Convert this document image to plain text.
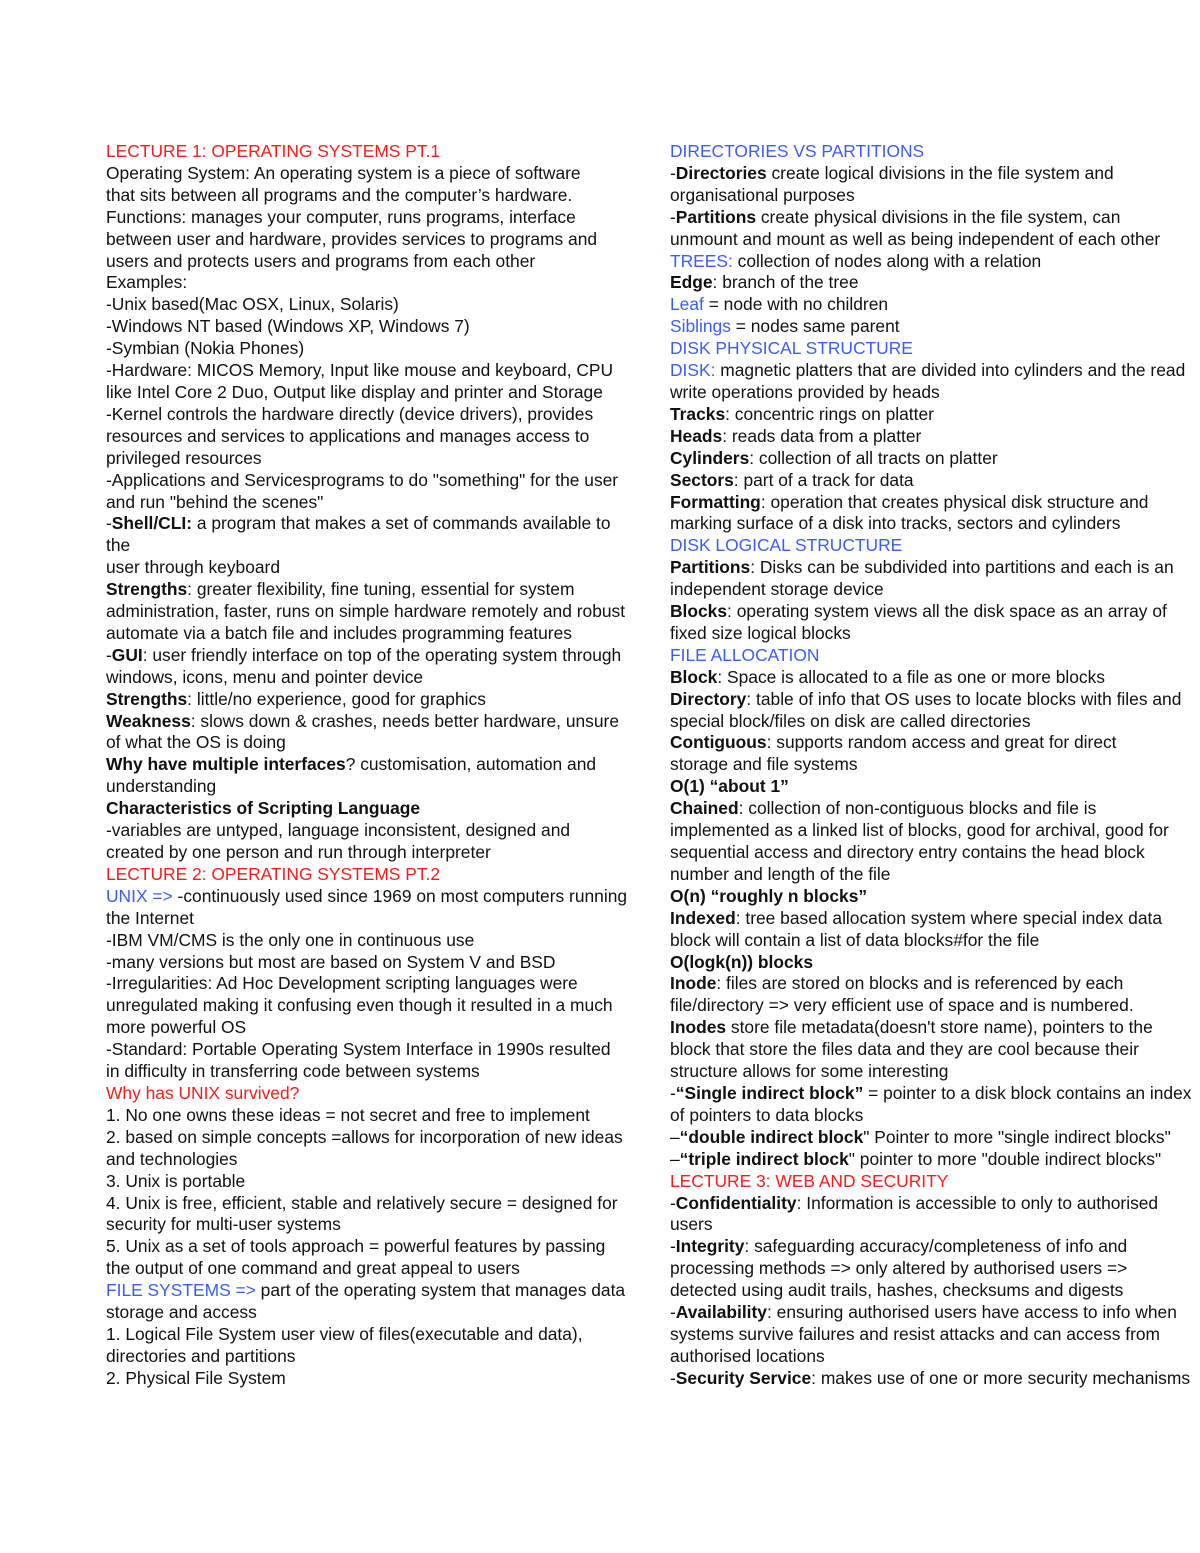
LECTURE 1: OPERATING SYSTEMS PT.1
Operating System: An operating system is a piece of software
that sits between all programs and the computer’s hardware.
Functions: manages your computer, runs programs, interface
between user and hardware, provides services to programs and
users and protects users and programs from each other
Examples:
-Unix based(Mac OSX, Linux, Solaris)
-Windows NT based (Windows XP, Windows 7)
-Symbian (Nokia Phones)
-Hardware: MICOS Memory, Input like mouse and keyboard, CPU
like Intel Core 2 Duo, Output like display and printer and Storage
-Kernel controls the hardware directly (device drivers), provides
resources and services to applications and manages access to
privileged resources
-Applications and Servicesprograms to do "something" for the user
and run "behind the scenes"
-Shell/CLI: a program that makes a set of commands available to
the
user through keyboard
Strengths: greater flexibility, fine tuning, essential for system
administration, faster, runs on simple hardware remotely and robust
automate via a batch file and includes programming features
-GUI: user friendly interface on top of the operating system through
windows, icons, menu and pointer device
Strengths: little/no experience, good for graphics
Weakness: slows down & crashes, needs better hardware, unsure
of what the OS is doing
Why have multiple interfaces? customisation, automation and
understanding
Characteristics of Scripting Language
-variables are untyped, language inconsistent, designed and
created by one person and run through interpreter
LECTURE 2: OPERATING SYSTEMS PT.2
UNIX => -continuously used since 1969 on most computers running
the Internet
-IBM VM/CMS is the only one in continuous use
-many versions but most are based on System V and BSD
-Irregularities: Ad Hoc Development scripting languages were
unregulated making it confusing even though it resulted in a much
more powerful OS
-Standard: Portable Operating System Interface in 1990s resulted
in difficulty in transferring code between systems
Why has UNIX survived?
1. No one owns these ideas = not secret and free to implement
2. based on simple concepts =allows for incorporation of new ideas
and technologies
3. Unix is portable
4. Unix is free, efficient, stable and relatively secure = designed for
security for multi-user systems
5. Unix as a set of tools approach = powerful features by passing
the output of one command and great appeal to users
FILE SYSTEMS => part of the operating system that manages data
storage and access
1. Logical File System user view of files(executable and data),
directories and partitions
2. Physical File System
DIRECTORIES VS PARTITIONS
-Directories create logical divisions in the file system and
organisational purposes
-Partitions create physical divisions in the file system, can
unmount and mount as well as being independent of each other
TREES: collection of nodes along with a relation
Edge: branch of the tree
Leaf = node with no children
Siblings = nodes same parent
DISK PHYSICAL STRUCTURE
DISK: magnetic platters that are divided into cylinders and the read
write operations provided by heads
Tracks: concentric rings on platter
Heads: reads data from a platter
Cylinders: collection of all tracts on platter
Sectors: part of a track for data
Formatting: operation that creates physical disk structure and
marking surface of a disk into tracks, sectors and cylinders
DISK LOGICAL STRUCTURE
Partitions: Disks can be subdivided into partitions and each is an
independent storage device
Blocks: operating system views all the disk space as an array of
fixed size logical blocks
FILE ALLOCATION
Block: Space is allocated to a file as one or more blocks
Directory: table of info that OS uses to locate blocks with files and
special block/files on disk are called directories
Contiguous: supports random access and great for direct
storage and file systems
O(1) “about 1”
Chained: collection of non-contiguous blocks and file is
implemented as a linked list of blocks, good for archival, good for
sequential access and directory entry contains the head block
number and length of the file
O(n) “roughly n blocks”
Indexed: tree based allocation system where special index data
block will contain a list of data blocks#for the file
O(logk(n)) blocks
Inode: files are stored on blocks and is referenced by each
file/directory => very efficient use of space and is numbered.
Inodes store file metadata(doesn't store name), pointers to the
block that store the files data and they are cool because their
structure allows for some interesting
-“Single indirect block” = pointer to a disk block contains an index
of pointers to data blocks
–“double indirect block" Pointer to more "single indirect blocks"
–“triple indirect block" pointer to more "double indirect blocks"
LECTURE 3: WEB AND SECURITY
-Confidentiality: Information is accessible to only to authorised
users
-Integrity: safeguarding accuracy/completeness of info and
processing methods => only altered by authorised users =>
detected using audit trails, hashes, checksums and digests
-Availability: ensuring authorised users have access to info when
systems survive failures and resist attacks and can access from
authorised locations
-Security Service: makes use of one or more security mechanisms
